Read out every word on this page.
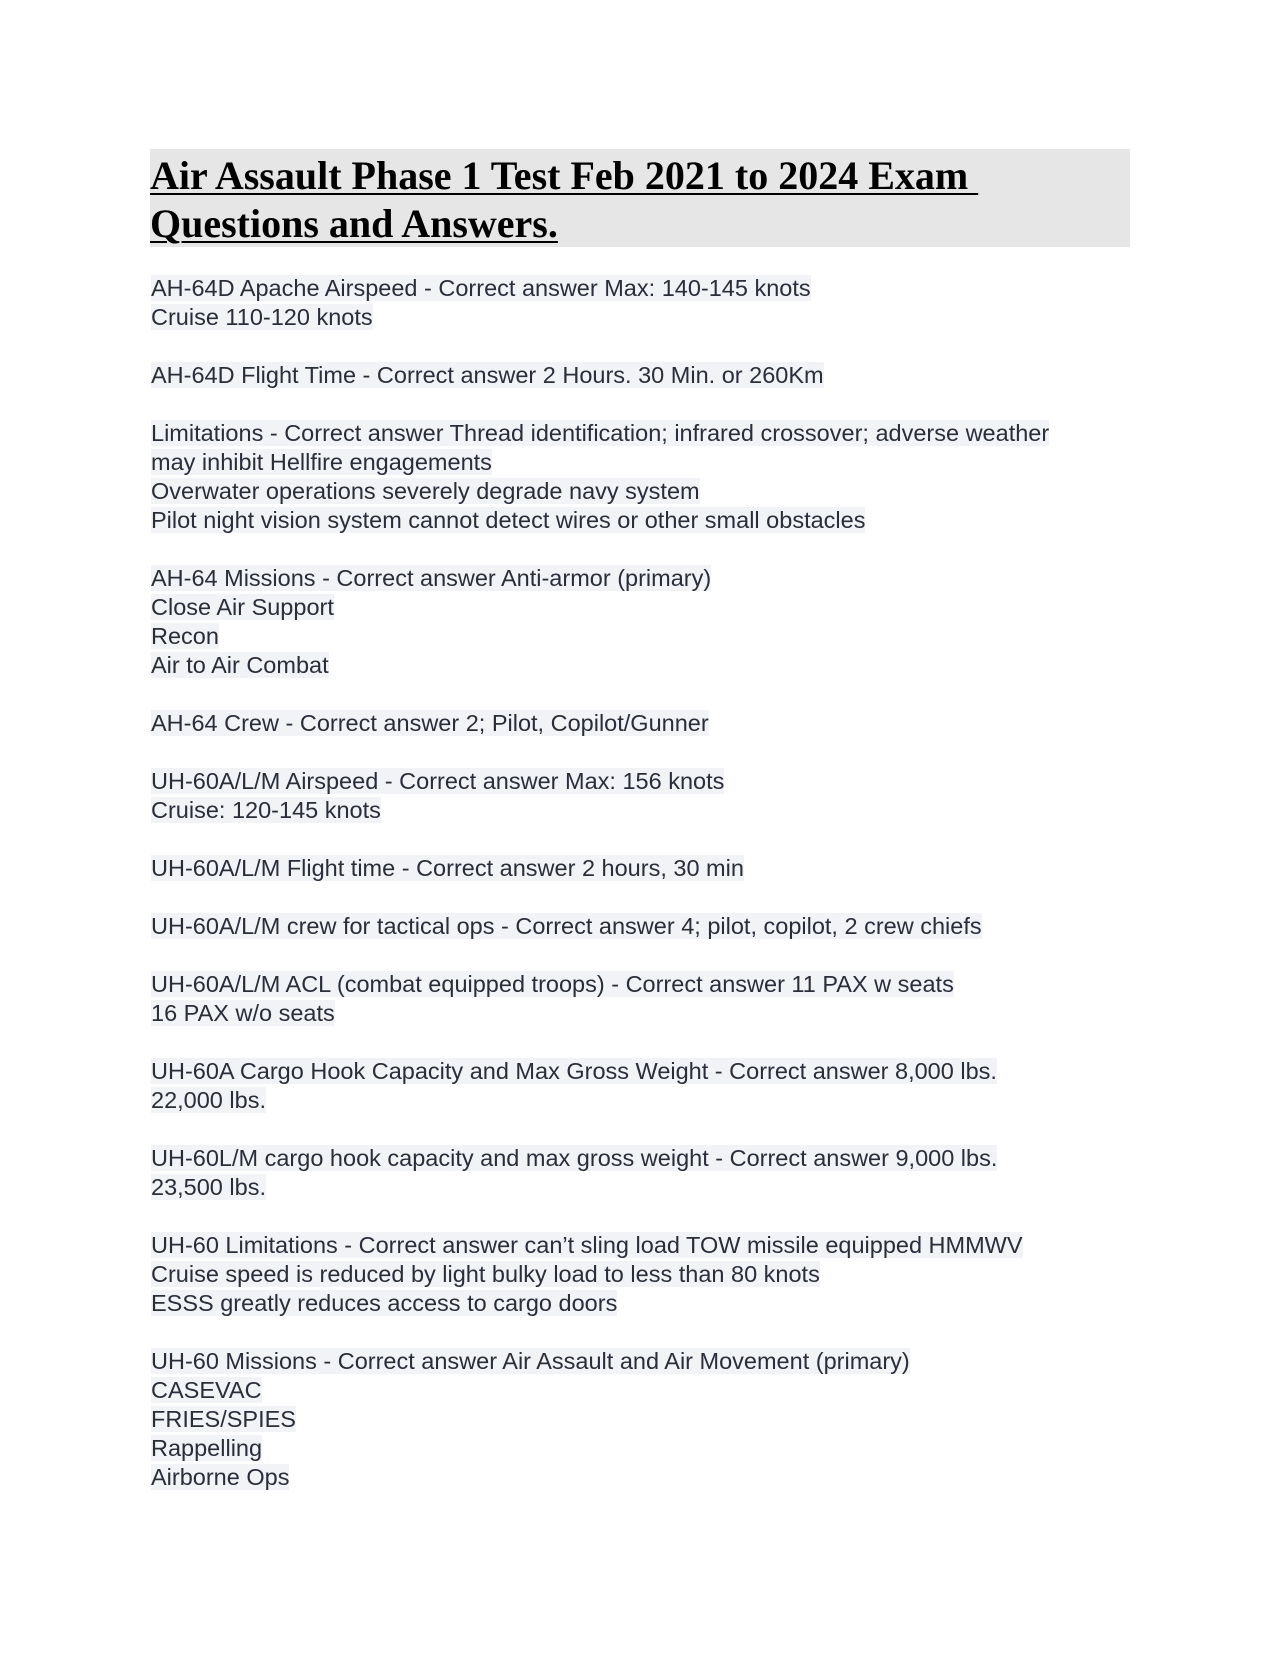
Air Assault Phase 1 Test Feb 2021 to 2024 Exam
Questions and Answers.
AH-64D Apache Airspeed - Correct answer Max: 140-145 knots
Cruise 110-120 knots
AH-64D Flight Time - Correct answer 2 Hours. 30 Min. or 260Km
Limitations - Correct answer Thread identification; infrared crossover; adverse weather
may inhibit Hellfire engagements
Overwater operations severely degrade navy system
Pilot night vision system cannot detect wires or other small obstacles
AH-64 Missions - Correct answer Anti-armor (primary)
Close Air Support
Recon
Air to Air Combat
AH-64 Crew - Correct answer 2; Pilot, Copilot/Gunner
UH-60A/L/M Airspeed - Correct answer Max: 156 knots
Cruise: 120-145 knots
UH-60A/L/M Flight time - Correct answer 2 hours, 30 min
UH-60A/L/M crew for tactical ops - Correct answer 4; pilot, copilot, 2 crew chiefs
UH-60A/L/M ACL (combat equipped troops) - Correct answer 11 PAX w seats
16 PAX w/o seats
UH-60A Cargo Hook Capacity and Max Gross Weight - Correct answer 8,000 lbs.
22,000 lbs.
UH-60L/M cargo hook capacity and max gross weight - Correct answer 9,000 lbs.
23,500 lbs.
UH-60 Limitations - Correct answer can’t sling load TOW missile equipped HMMWV
Cruise speed is reduced by light bulky load to less than 80 knots
ESSS greatly reduces access to cargo doors
UH-60 Missions - Correct answer Air Assault and Air Movement (primary)
CASEVAC
FRIES/SPIES
Rappelling
Airborne Ops
